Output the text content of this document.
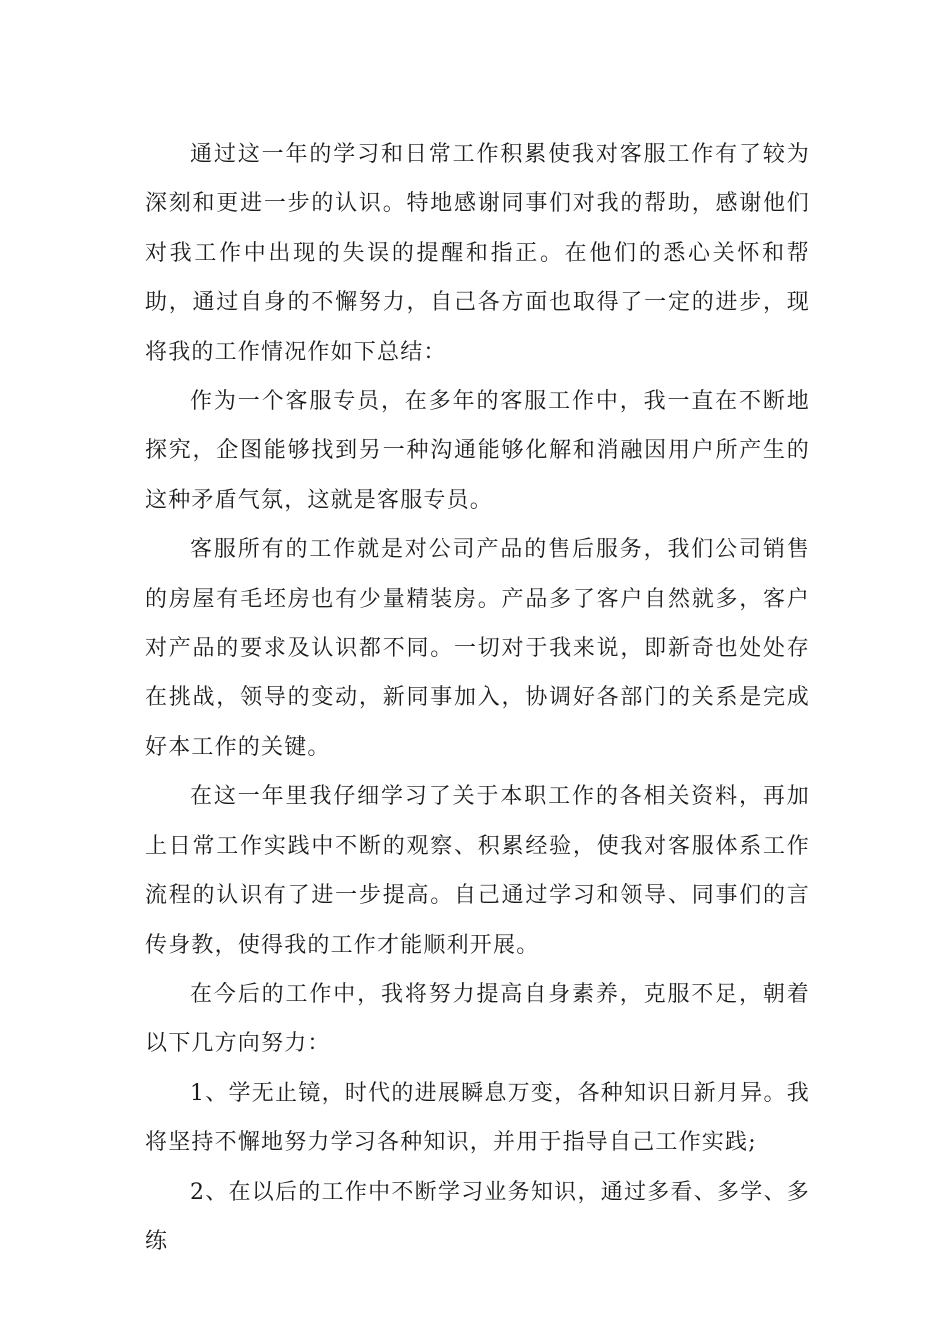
通过这一年的学习和日常工作积累使我对客服工作有了较为深刻和更进一步的认识。特地感谢同事们对我的帮助，感谢他们对我工作中出现的失误的提醒和指正。在他们的悉心关怀和帮助，通过自身的不懈努力，自己各方面也取得了一定的进步，现将我的工作情况作如下总结：

作为一个客服专员，在多年的客服工作中，我一直在不断地探究，企图能够找到另一种沟通能够化解和消融因用户所产生的这种矛盾气氛，这就是客服专员。

客服所有的工作就是对公司产品的售后服务，我们公司销售的房屋有毛坯房也有少量精装房。产品多了客户自然就多，客户对产品的要求及认识都不同。一切对于我来说，即新奇也处处存在挑战，领导的变动，新同事加入，协调好各部门的关系是完成好本工作的关键。

在这一年里我仔细学习了关于本职工作的各相关资料，再加上日常工作实践中不断的观察、积累经验，使我对客服体系工作流程的认识有了进一步提高。自己通过学习和领导、同事们的言传身教，使得我的工作才能顺利开展。

在今后的工作中，我将努力提高自身素养，克服不足，朝着以下几方向努力：

1、学无止镜，时代的进展瞬息万变，各种知识日新月异。我将坚持不懈地努力学习各种知识，并用于指导自己工作实践;

2、在以后的工作中不断学习业务知识，通过多看、多学、多练
